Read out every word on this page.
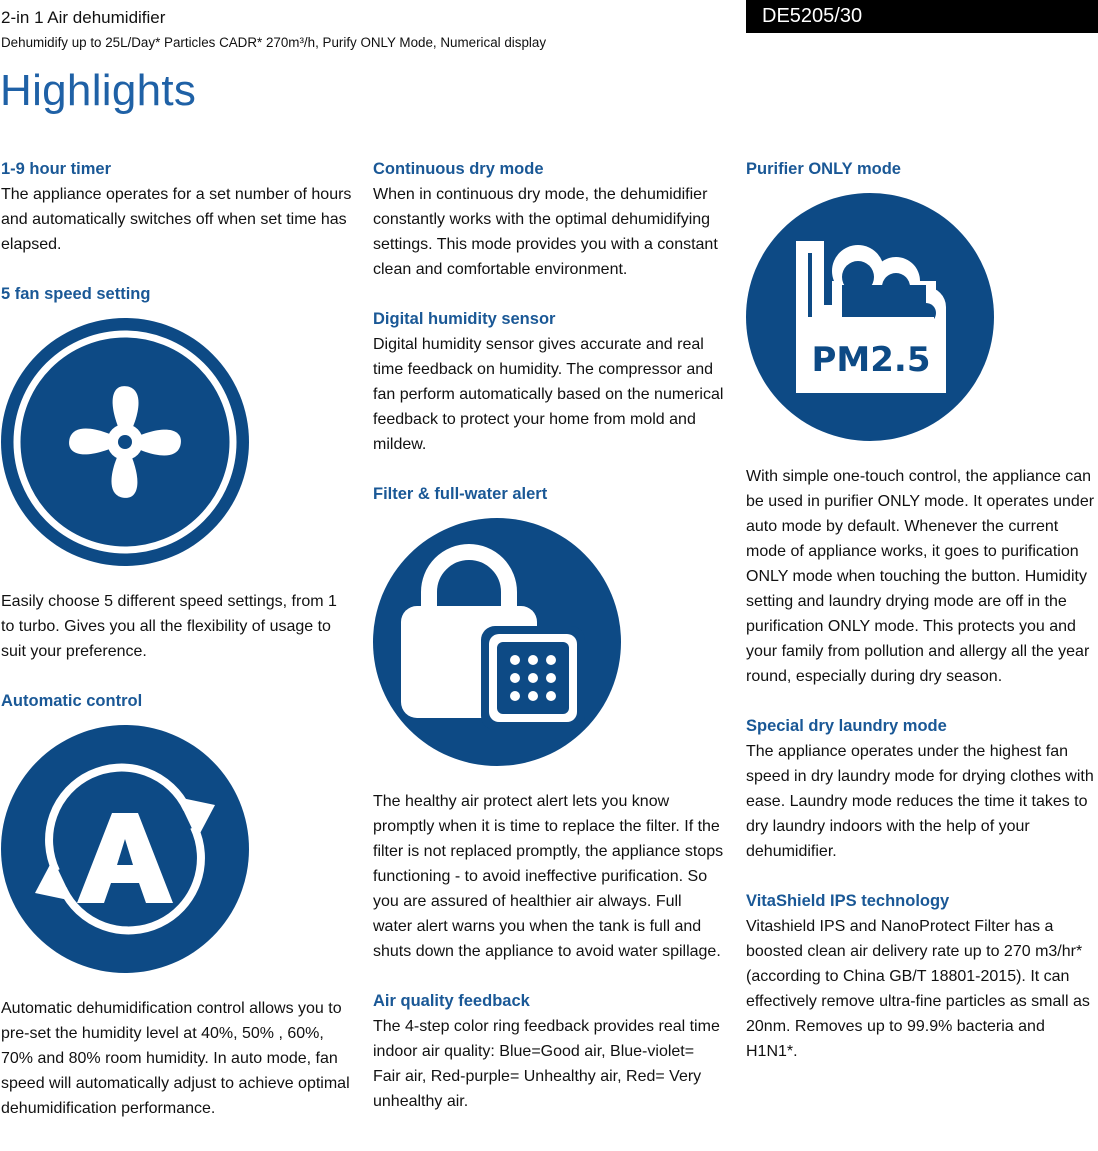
2-in 1 Air dehumidifier
Dehumidify up to 25L/Day* Particles CADR* 270m³/h, Purify ONLY Mode, Numerical display
DE5205/30
Highlights

1-9 hour timer

The appliance operates for a set number of hours and automatically switches off when set time has elapsed.

5 fan speed setting

Easily choose 5 different speed settings, from 1 to turbo. Gives you all the flexibility of usage to suit your preference.

Automatic control

Automatic dehumidification control allows you to pre-set the humidity level at 40%, 50% , 60%, 70% and 80% room humidity. In auto mode, fan speed will automatically adjust to achieve optimal dehumidification performance.

Continuous dry mode

When in continuous dry mode, the dehumidifier constantly works with the optimal dehumidifying settings. This mode provides you with a constant clean and comfortable environment.

Digital humidity sensor

Digital humidity sensor gives accurate and real time feedback on humidity. The compressor and fan perform automatically based on the numerical feedback to protect your home from mold and mildew.

Filter & full-water alert

The healthy air protect alert lets you know promptly when it is time to replace the filter. If the filter is not replaced promptly, the appliance stops functioning - to avoid ineffective purification. So you are assured of healthier air always. Full water alert warns you when the tank is full and shuts down the appliance to avoid water spillage.

Air quality feedback

The 4-step color ring feedback provides real time indoor air quality: Blue=Good air, Blue-violet= Fair air, Red-purple= Unhealthy air, Red= Very unhealthy air.

Purifier ONLY mode

PM2.5

With simple one-touch control, the appliance can be used in purifier ONLY mode. It operates under auto mode by default. Whenever the current mode of appliance works, it goes to purification ONLY mode when touching the button. Humidity setting and laundry drying mode are off in the purification ONLY mode. This protects you and your family from pollution and allergy all the year round, especially during dry season.

Special dry laundry mode

The appliance operates under the highest fan speed in dry laundry mode for drying clothes with ease. Laundry mode reduces the time it takes to dry laundry indoors with the help of your dehumidifier.

VitaShield IPS technology

Vitashield IPS and NanoProtect Filter has a boosted clean air delivery rate up to 270 m3/hr* (according to China GB/T 18801-2015). It can effectively remove ultra-fine particles as small as 20nm. Removes up to 99.9% bacteria and H1N1*.
